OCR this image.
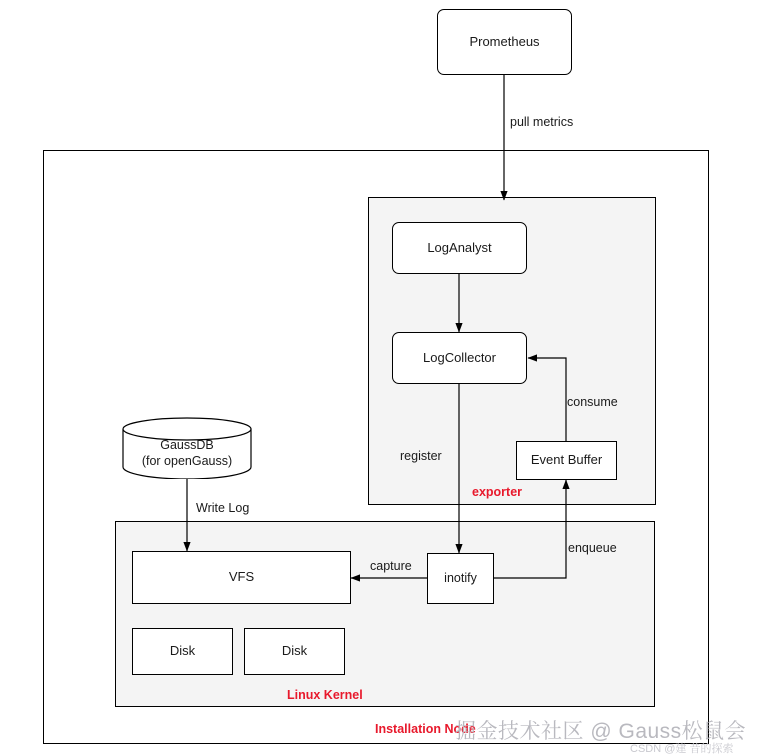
Installation Node
exporter
Linux Kernel
Prometheus
LogAnalyst
LogCollector
Event Buffer
VFS	inotify
Disk	Disk
GaussDB
(for openGauss)
pull metrics
consume
register
enqueue
Write Log
capture
掘金技术社区 @ Gauss松鼠会
CSDN @建 昔的探索
